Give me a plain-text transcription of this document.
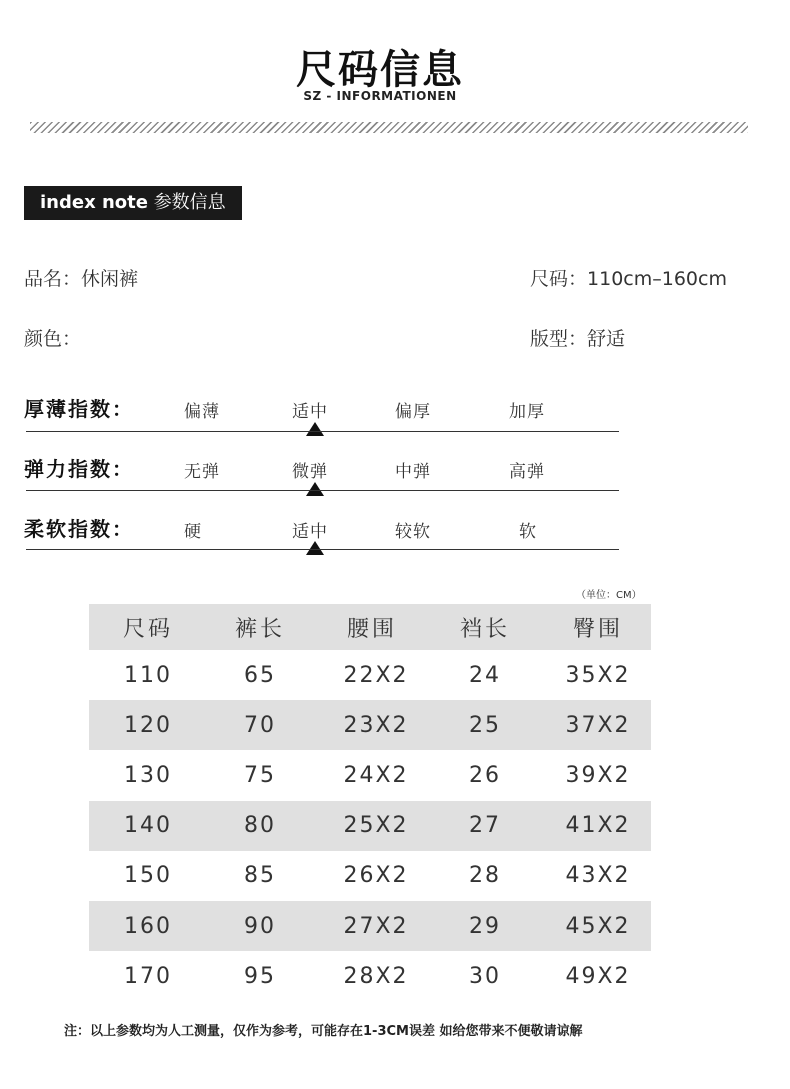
尺码信息
SZ - INFORMATIONEN
index note 参数信息
品名：休闲裤	尺码：110cm–160cm
颜色：	版型：舒适
厚薄指数：	偏薄	适中	偏厚	加厚
弹力指数：	无弹	微弹	中弹	高弹
柔软指数：	硬	适中	较软	软
（单位：CM）
尺码	裤长	腰围	裆长	臀围
110	65	22X2	24	35X2
120	70	23X2	25	37X2
130	75	24X2	26	39X2
140	80	25X2	27	41X2
150	85	26X2	28	43X2
160	90	27X2	29	45X2
170	95	28X2	30	49X2
注：以上参数均为人工测量，仅作为参考，可能存在1-3CM误差 如给您带来不便敬请谅解
